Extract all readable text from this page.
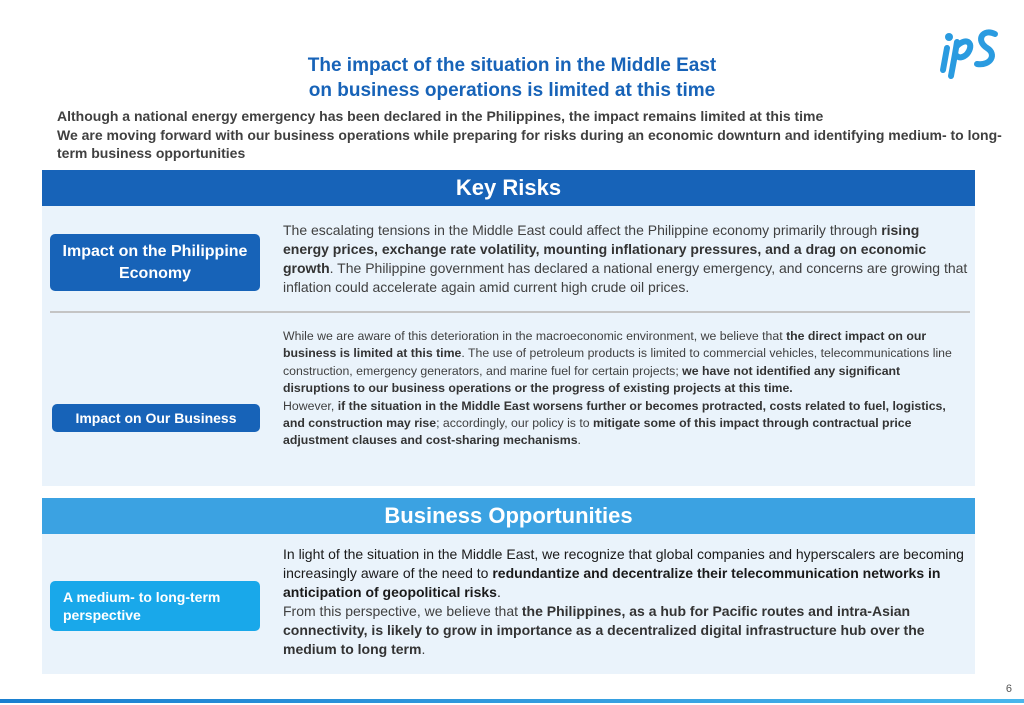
The impact of the situation in the Middle East
on business operations is limited at this time
Although a national energy emergency has been declared in the Philippines, the impact remains limited at this time
We are moving forward with our business operations while preparing for risks during an economic downturn and identifying medium- to long-term business opportunities
Key Risks
Impact on the Philippine Economy
The escalating tensions in the Middle East could affect the Philippine economy primarily through rising energy prices, exchange rate volatility, mounting inflationary pressures, and a drag on economic growth. The Philippine government has declared a national energy emergency, and concerns are growing that inflation could accelerate again amid current high crude oil prices.
Impact on Our Business
While we are aware of this deterioration in the macroeconomic environment, we believe that the direct impact on our business is limited at this time. The use of petroleum products is limited to commercial vehicles, telecommunications line construction, emergency generators, and marine fuel for certain projects; we have not identified any significant disruptions to our business operations or the progress of existing projects at this time.
However, if the situation in the Middle East worsens further or becomes protracted, costs related to fuel, logistics, and construction may rise; accordingly, our policy is to mitigate some of this impact through contractual price adjustment clauses and cost-sharing mechanisms.
Business Opportunities
A medium- to long-term perspective
In light of the situation in the Middle East, we recognize that global companies and hyperscalers are becoming increasingly aware of the need to redundantize and decentralize their telecommunication networks in anticipation of geopolitical risks.
From this perspective, we believe that the Philippines, as a hub for Pacific routes and intra-Asian connectivity, is likely to grow in importance as a decentralized digital infrastructure hub over the medium to long term.
6
